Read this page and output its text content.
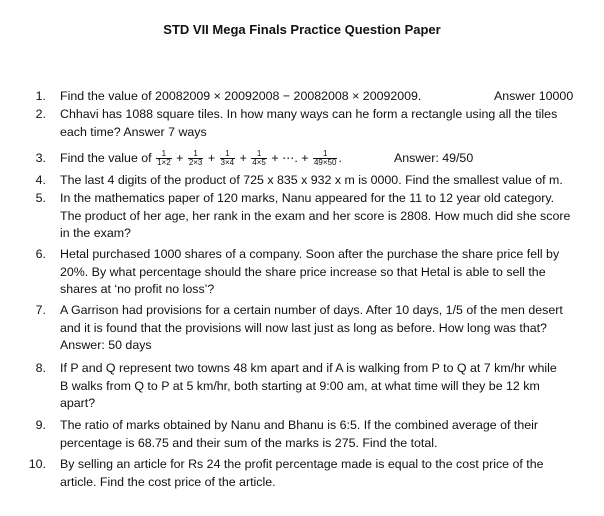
STD VII Mega Finals Practice Question Paper
1. Find the value of 20082009 × 20092008 − 20082008 × 20092009.	Answer 10000
2. Chhavi has 1088 square tiles. In how many ways can he form a rectangle using all the tiles
each time? Answer 7 ways
3. Find the value of $\frac{1}{1\times 2} + \frac{1}{2\times 3} + \frac{1}{3\times 4} + \frac{1}{4\times 5}$ + ⋯. + $\frac{1}{49\times 50}$ .	Answer: 49/50
4. The last 4 digits of the product of 725 x 835 x 932 x m is 0000. Find the smallest value of m.
5. In the mathematics paper of 120 marks, Nanu appeared for the 11 to 12 year old category.
The product of her age, her rank in the exam and her score is 2808. How much did she score
in the exam?
6. Hetal purchased 1000 shares of a company. Soon after the purchase the share price fell by
20%. By what percentage should the share price increase so that Hetal is able to sell the
shares at ‘no profit no loss’?
7. A Garrison had provisions for a certain number of days. After 10 days, 1/5 of the men desert
and it is found that the provisions will now last just as long as before. How long was that?
Answer: 50 days
8. If P and Q represent two towns 48 km apart and if A is walking from P to Q at 7 km/hr while
B walks from Q to P at 5 km/hr, both starting at 9:00 am, at what time will they be 12 km
apart?
9. The ratio of marks obtained by Nanu and Bhanu is 6:5. If the combined average of their
percentage is 68.75 and their sum of the marks is 275. Find the total.
10. By selling an article for Rs 24 the profit percentage made is equal to the cost price of the
article. Find the cost price of the article.
